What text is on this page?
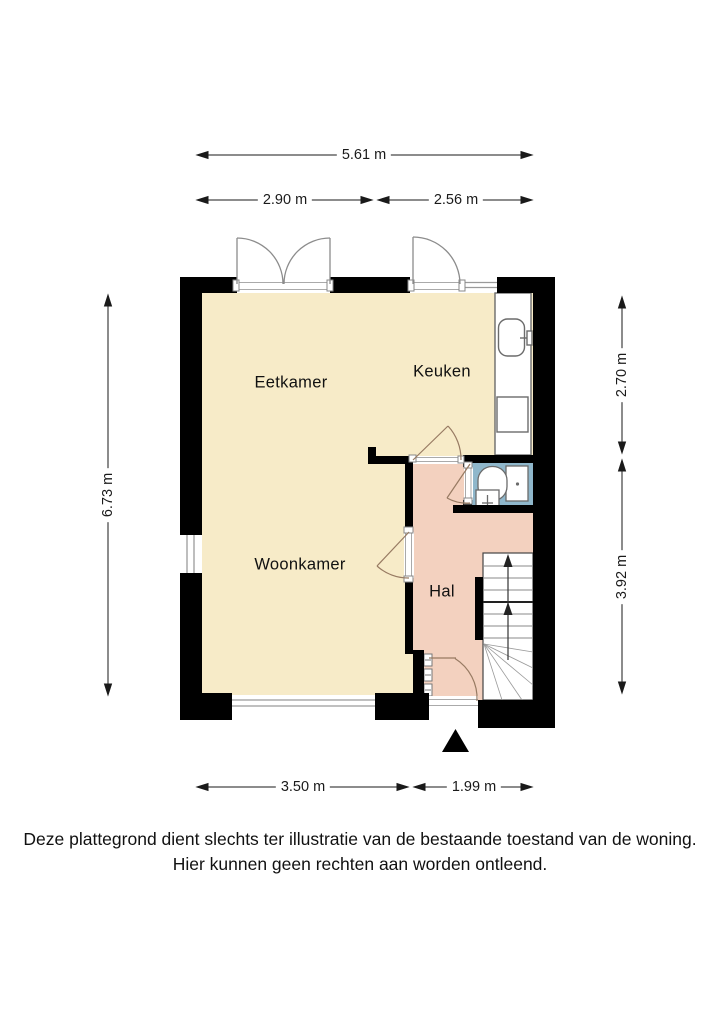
5.61 m
2.90 m	2.56 m
6.73 m
2.70 m
3.92 m
3.50 m	1.99 m
Eetkamer
Keuken
Woonkamer
Hal
Deze plattegrond dient slechts ter illustratie van de bestaande toestand van de woning.
Hier kunnen geen rechten aan worden ontleend.
